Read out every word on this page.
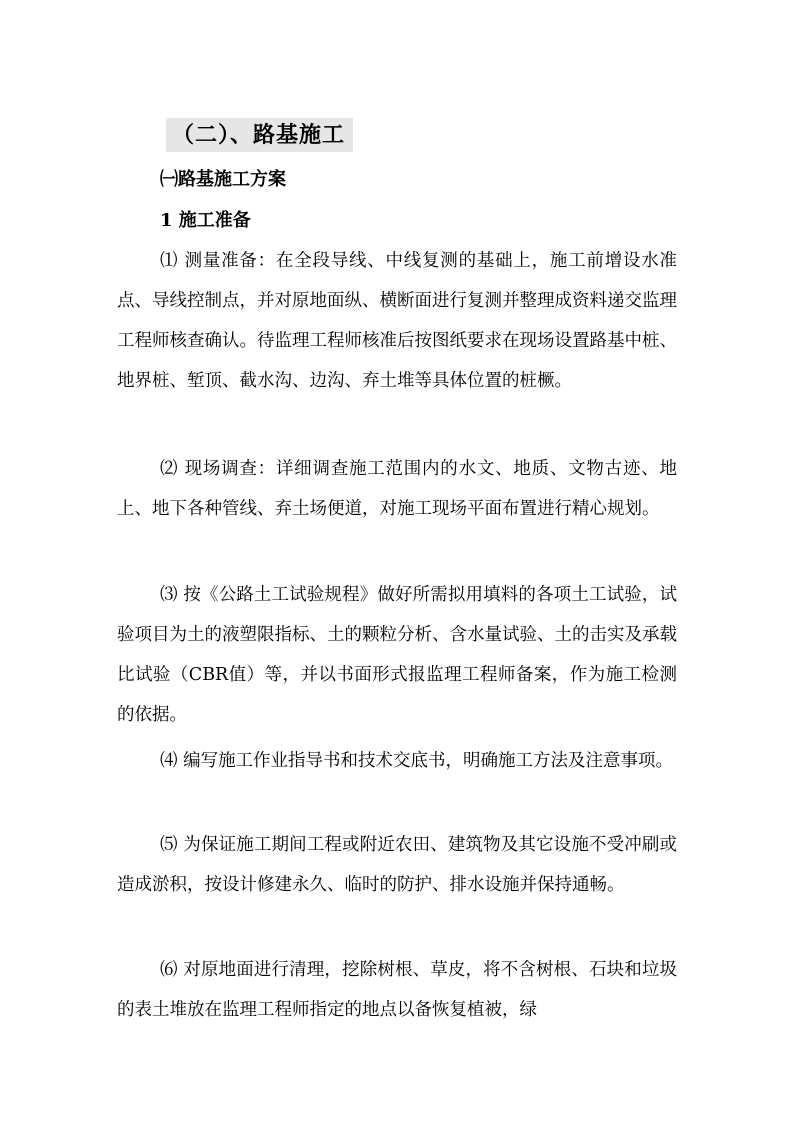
（二）、路基施工
㈠路基施工方案
1 施工准备

⑴ 测量准备：在全段导线、中线复测的基础上，施工前增设水准点、导线控制点，并对原地面纵、横断面进行复测并整理成资料递交监理工程师核查确认。待监理工程师核准后按图纸要求在现场设置路基中桩、地界桩、堑顶、截水沟、边沟、弃土堆等具体位置的桩橛。

⑵ 现场调查：详细调查施工范围内的水文、地质、文物古迹、地上、地下各种管线、弃土场便道，对施工现场平面布置进行精心规划。

⑶ 按《公路土工试验规程》做好所需拟用填料的各项土工试验，试验项目为土的液塑限指标、土的颗粒分析、含水量试验、土的击实及承载比试验（CBR值）等，并以书面形式报监理工程师备案，作为施工检测的依据。

⑷ 编写施工作业指导书和技术交底书，明确施工方法及注意事项。

⑸ 为保证施工期间工程或附近农田、建筑物及其它设施不受冲刷或造成淤积，按设计修建永久、临时的防护、排水设施并保持通畅。

⑹ 对原地面进行清理，挖除树根、草皮，将不含树根、石块和垃圾的表土堆放在监理工程师指定的地点以备恢复植被，绿
